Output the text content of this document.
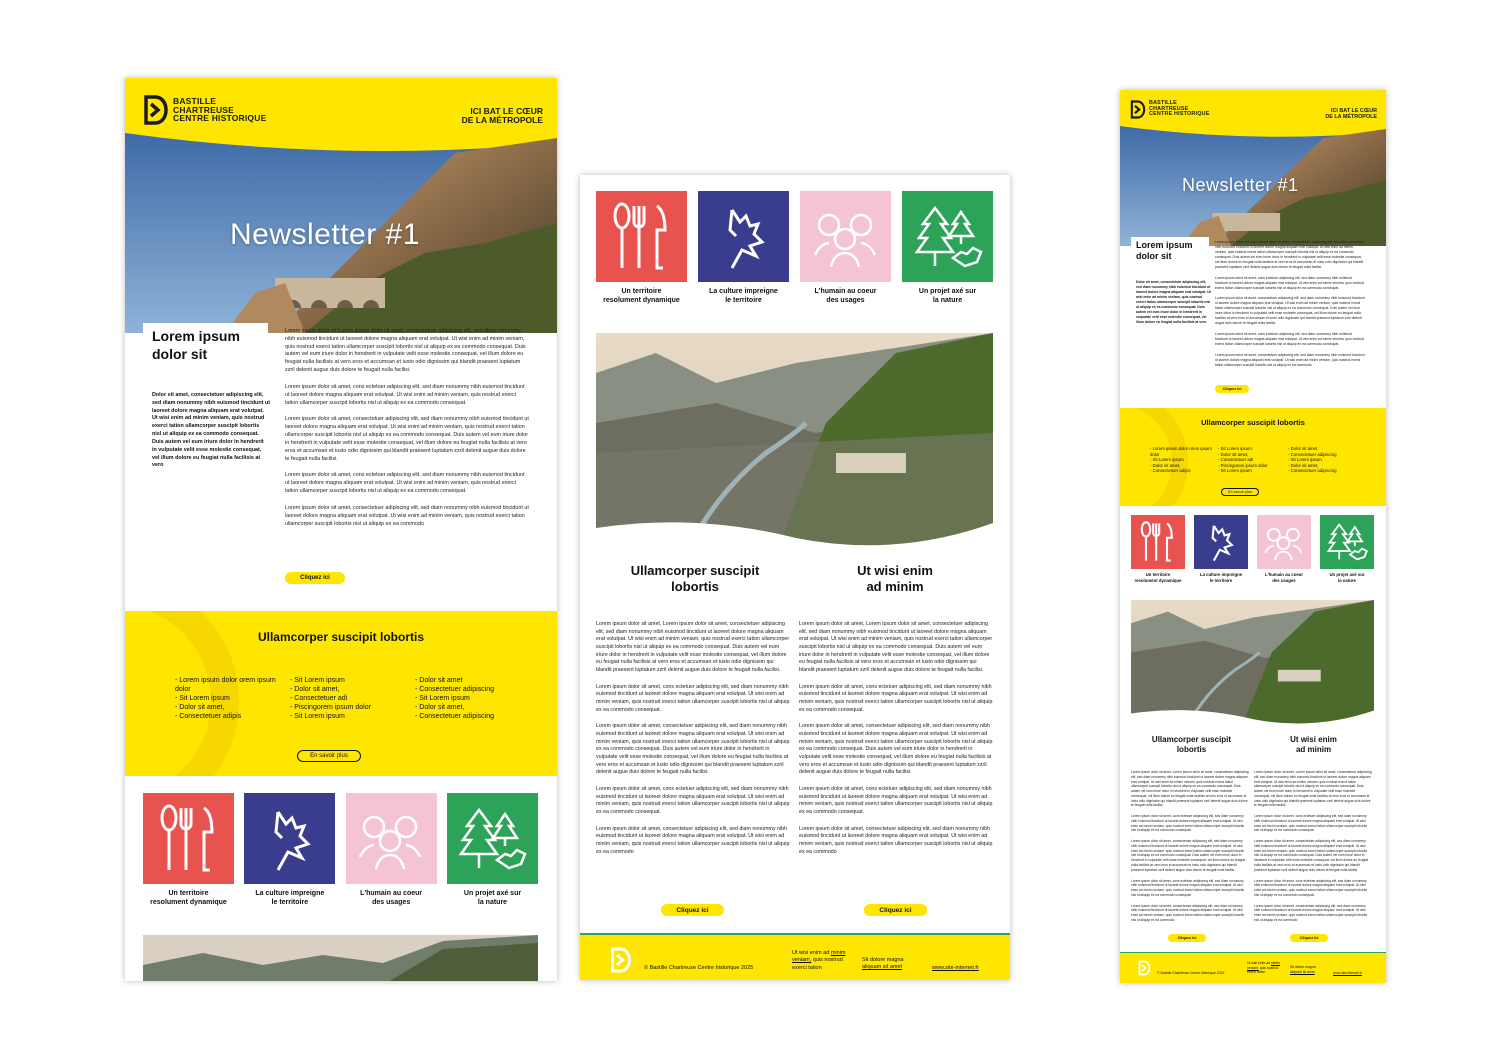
BASTILLE
CHARTREUSE
CENTRE HISTORIQUE
ICI BAT LE CŒUR
DE LA MÉTROPOLE
Newsletter #1
Lorem ipsum
dolor sit
Dolor sit amet, consectetuer adipiscing elit, sed diam nonummy nibh euismod tincidunt ut laoreet dolore magna aliquam erat volutpat. Ut wisi enim ad minim veniam, quis nostrud exerci tation ullamcorper suscipit lobortis nisl ut aliquip ex ea commodo consequat. Duis autem vel eum iriure dolor in hendrerit in vulputate velit esse molestie consequat, vel illum dolore eu feugiat nulla facilisis at vero

Lorem ipsum dolor sit Lorem ipsum dolor sit amet, consectetuer adipiscing elit, sed diam nonummy nibh euismod tincidunt ut laoreet dolore magna aliquam erat volutpat. Ut wisi enim ad minim veniam, quis nostrud exerci tation ullamcorper suscipit lobortis nisl ut aliquip ex ea commodo consequat. Duis autem vel eum iriure dolor in hendrerit in vulputate velit esse molestie consequat, vel illum dolore eu feugiat nulla facilisis at vero eros et accumsan et iusto odio dignissim qui blandit praesent luptatum zzril delenit augue duis dolore te feugait nulla facilisi.

Lorem ipsum dolor sit amet, cons ectetuer adipiscing elit, sed diam nonummy nibh euismod tincidunt ut laoreet dolore magna aliquam erat volutpat. Ut wisi enim ad minim veniam, quis nostrud exerci tation ullamcorper suscipit lobortis nisl ut aliquip ex ea commodo consequat.

Lorem ipsum dolor sit amet, consectetuer adipiscing elit, sed diam nonummy nibh euismod tincidunt ut laoreet dolore magna aliquam erat volutpat. Ut wisi enim ad minim veniam, quis nostrud exerci tation ullamcorper suscipit lobortis nisl ut aliquip ex ea commodo consequat. Duis autem vel eum iriure dolor in hendrerit in vulputate velit esse molestie consequat, vel illum dolore eu feugiat nulla facilisis at vero eros et accumsan et iusto odio dignissim qui blandit praesent luptatum zzril delenit augue duis dolore te feugait nulla facilisi.

Lorem ipsum dolor sit amet, cons ectetuer adipiscing elit, sed diam nonummy nibh euismod tincidunt ut laoreet dolore magna aliquam erat volutpat. Ut wisi enim ad minim veniam, quis nostrud exerci tation ullamcorper suscipit lobortis nisl ut aliquip ex ea commodo consequat.

Lorem ipsum dolor sit amet, consectetuer adipiscing elit, sed diam nonummy nibh euismod tincidunt ut laoreet dolore magna aliquam erat volutpat. Ut wisi enim ad minim veniam, quis nostrud exerci tation ullamcorper suscipit lobortis nisl ut aliquip ex ea commodo

Cliquez ici
Ullamcorper suscipit lobortis
- Lorem ipsum dolor orem ipsum dolor
- Sit Lorem ipsum
- Dolor sit amet,
- Consectetuer adipis
- Sit Lorem ipsum
- Dolor sit amet,
- Consectetuer adi
- Piscingorem ipsum dolor
- Sit Lorem ipsum
- Dolor sit amet
- Consectetuer adipiscing
- Sit Lorem ipsum
- Dolor sit amet,
- Consectetuer adipiscing
En savoir plus
Un territoire
resolument dynamique
La culture impreigne
le territoire
L'humain au coeur
des usages
Un projet axé sur
la nature
Un territoire
resolument dynamique
La culture impreigne
le territoire
L'humain au coeur
des usages
Un projet axé sur
la nature
Ullamcorper suscipit
lobortis
Ut wisi enim
ad minim

Lorem ipsum dolor sit amet, Lorem ipsum dolor sit amet, consectetuer adipiscing elit, sed diam nonummy nibh euismod tincidunt ut laoreet dolore magna aliquam erat volutpat. Ut wisi enim ad minim veniam, quis nostrud exerci tation ullamcorper suscipit lobortis nisl ut aliquip ex ea commodo consequat. Duis autem vel eum iriure dolor in hendrerit in vulputate velit esse molestie consequat, vel illum dolore eu feugiat nulla facilisis at vero eros et accumsan et iusto odio dignissim qui blandit praesent luptatum zzril delenit augue duis dolore te feugait nulla facilisi.

Lorem ipsum dolor sit amet, cons ectetuer adipiscing elit, sed diam nonummy nibh euismod tincidunt ut laoreet dolore magna aliquam erat volutpat. Ut wisi enim ad minim veniam, quis nostrud exerci tation ullamcorper suscipit lobortis nisl ut aliquip ex ea commodo consequat.

Lorem ipsum dolor sit amet, consectetuer adipiscing elit, sed diam nonummy nibh euismod tincidunt ut laoreet dolore magna aliquam erat volutpat. Ut wisi enim ad minim veniam, quis nostrud exerci tation ullamcorper suscipit lobortis nisl ut aliquip ex ea commodo consequat. Duis autem vel eum iriure dolor in hendrerit in vulputate velit esse molestie consequat, vel illum dolore eu feugiat nulla facilisis at vero eros et accumsan et iusto odio dignissim qui blandit praesent luptatum zzril delenit augue duis dolore te feugait nulla facilisi.

Lorem ipsum dolor sit amet, cons ectetuer adipiscing elit, sed diam nonummy nibh euismod tincidunt ut laoreet dolore magna aliquam erat volutpat. Ut wisi enim ad minim veniam, quis nostrud exerci tation ullamcorper suscipit lobortis nisl ut aliquip ex ea commodo consequat.

Lorem ipsum dolor sit amet, consectetuer adipiscing elit, sed diam nonummy nibh euismod tincidunt ut laoreet dolore magna aliquam erat volutpat. Ut wisi enim ad minim veniam, quis nostrud exerci tation ullamcorper suscipit lobortis nisl ut aliquip ex ea commodo

Lorem ipsum dolor sit amet, Lorem ipsum dolor sit amet, consectetuer adipiscing elit, sed diam nonummy nibh euismod tincidunt ut laoreet dolore magna aliquam erat volutpat. Ut wisi enim ad minim veniam, quis nostrud exerci tation ullamcorper suscipit lobortis nisl ut aliquip ex ea commodo consequat. Duis autem vel eum iriure dolor in hendrerit in vulputate velit esse molestie consequat, vel illum dolore eu feugiat nulla facilisis at vero eros et accumsan et iusto odio dignissim qui blandit praesent luptatum zzril delenit augue duis dolore te feugait nulla facilisi.

Lorem ipsum dolor sit amet, cons ectetuer adipiscing elit, sed diam nonummy nibh euismod tincidunt ut laoreet dolore magna aliquam erat volutpat. Ut wisi enim ad minim veniam, quis nostrud exerci tation ullamcorper suscipit lobortis nisl ut aliquip ex ea commodo consequat.

Lorem ipsum dolor sit amet, consectetuer adipiscing elit, sed diam nonummy nibh euismod tincidunt ut laoreet dolore magna aliquam erat volutpat. Ut wisi enim ad minim veniam, quis nostrud exerci tation ullamcorper suscipit lobortis nisl ut aliquip ex ea commodo consequat. Duis autem vel eum iriure dolor in hendrerit in vulputate velit esse molestie consequat, vel illum dolore eu feugiat nulla facilisis at vero eros et accumsan et iusto odio dignissim qui blandit praesent luptatum zzril delenit augue duis dolore te feugait nulla facilisi.

Lorem ipsum dolor sit amet, cons ectetuer adipiscing elit, sed diam nonummy nibh euismod tincidunt ut laoreet dolore magna aliquam erat volutpat. Ut wisi enim ad minim veniam, quis nostrud exerci tation ullamcorper suscipit lobortis nisl ut aliquip ex ea commodo consequat.

Lorem ipsum dolor sit amet, consectetuer adipiscing elit, sed diam nonummy nibh euismod tincidunt ut laoreet dolore magna aliquam erat volutpat. Ut wisi enim ad minim veniam, quis nostrud exerci tation ullamcorper suscipit lobortis nisl ut aliquip ex ea commodo

Cliquez ici	Cliquez ici
© Bastille Chartreuse Centre historique 2025
Ut wisi enim ad minim
veniam, quis nostrud
exerci tation
Sit dolore magna
aliquam sit amet	www.site-internet.fr
BASTILLE
CHARTREUSE
CENTRE HISTORIQUE
ICI BAT LE CŒUR
DE LA MÉTROPOLE
Newsletter #1
Lorem ipsum
dolor sit
Dolor sit amet, consectetuer adipiscing elit, sed diam nonummy nibh euismod tincidunt ut laoreet dolore magna aliquam erat volutpat. Ut wisi enim ad minim veniam, quis nostrud exerci tation ullamcorper suscipit lobortis nisl ut aliquip ex ea commodo consequat. Duis autem vel eum iriure dolor in hendrerit in vulputate velit esse molestie consequat, vel illum dolore eu feugiat nulla facilisis at vero

Lorem ipsum dolor sit Lorem ipsum dolor sit amet, consectetuer adipiscing elit, sed diam nonummy nibh euismod tincidunt ut laoreet dolore magna aliquam erat volutpat. Ut wisi enim ad minim veniam, quis nostrud exerci tation ullamcorper suscipit lobortis nisl ut aliquip ex ea commodo consequat. Duis autem vel eum iriure dolor in hendrerit in vulputate velit esse molestie consequat, vel illum dolore eu feugiat nulla facilisis at vero eros et accumsan et iusto odio dignissim qui blandit praesent luptatum zzril delenit augue duis dolore te feugait nulla facilisi.

Lorem ipsum dolor sit amet, cons ectetuer adipiscing elit, sed diam nonummy nibh euismod tincidunt ut laoreet dolore magna aliquam erat volutpat. Ut wisi enim ad minim veniam, quis nostrud exerci tation ullamcorper suscipit lobortis nisl ut aliquip ex ea commodo consequat.

Lorem ipsum dolor sit amet, consectetuer adipiscing elit, sed diam nonummy nibh euismod tincidunt ut laoreet dolore magna aliquam erat volutpat. Ut wisi enim ad minim veniam, quis nostrud exerci tation ullamcorper suscipit lobortis nisl ut aliquip ex ea commodo consequat. Duis autem vel eum iriure dolor in hendrerit in vulputate velit esse molestie consequat, vel illum dolore eu feugiat nulla facilisis at vero eros et accumsan et iusto odio dignissim qui blandit praesent luptatum zzril delenit augue duis dolore te feugait nulla facilisi.

Lorem ipsum dolor sit amet, cons ectetuer adipiscing elit, sed diam nonummy nibh euismod tincidunt ut laoreet dolore magna aliquam erat volutpat. Ut wisi enim ad minim veniam, quis nostrud exerci tation ullamcorper suscipit lobortis nisl ut aliquip ex ea commodo consequat.

Lorem ipsum dolor sit amet, consectetuer adipiscing elit, sed diam nonummy nibh euismod tincidunt ut laoreet dolore magna aliquam erat volutpat. Ut wisi enim ad minim veniam, quis nostrud exerci tation ullamcorper suscipit lobortis nisl ut aliquip ex ea commodo

Cliquez ici
Ullamcorper suscipit lobortis
- Lorem ipsum dolor orem ipsum dolor
- Sit Lorem ipsum
- Dolor sit amet,
- Consectetuer adipis
- Sit Lorem ipsum
- Dolor sit amet,
- Consectetuer adi
- Piscingorem ipsum dolor
- Sit Lorem ipsum
- Dolor sit amet
- Consectetuer adipiscing
- Sit Lorem ipsum
- Dolor sit amet,
- Consectetuer adipiscing
En savoir plus
Un territoire
resolument dynamique
La culture impreigne
le territoire
L'humain au coeur
des usages
Un projet axé sur
la nature
Ullamcorper suscipit
lobortis
Ut wisi enim
ad minim

Lorem ipsum dolor sit amet, Lorem ipsum dolor sit amet, consectetuer adipiscing elit, sed diam nonummy nibh euismod tincidunt ut laoreet dolore magna aliquam erat volutpat. Ut wisi enim ad minim veniam, quis nostrud exerci tation ullamcorper suscipit lobortis nisl ut aliquip ex ea commodo consequat. Duis autem vel eum iriure dolor in hendrerit in vulputate velit esse molestie consequat, vel illum dolore eu feugiat nulla facilisis at vero eros et accumsan et iusto odio dignissim qui blandit praesent luptatum zzril delenit augue duis dolore te feugait nulla facilisi.

Lorem ipsum dolor sit amet, cons ectetuer adipiscing elit, sed diam nonummy nibh euismod tincidunt ut laoreet dolore magna aliquam erat volutpat. Ut wisi enim ad minim veniam, quis nostrud exerci tation ullamcorper suscipit lobortis nisl ut aliquip ex ea commodo consequat.

Lorem ipsum dolor sit amet, consectetuer adipiscing elit, sed diam nonummy nibh euismod tincidunt ut laoreet dolore magna aliquam erat volutpat. Ut wisi enim ad minim veniam, quis nostrud exerci tation ullamcorper suscipit lobortis nisl ut aliquip ex ea commodo consequat. Duis autem vel eum iriure dolor in hendrerit in vulputate velit esse molestie consequat, vel illum dolore eu feugiat nulla facilisis at vero eros et accumsan et iusto odio dignissim qui blandit praesent luptatum zzril delenit augue duis dolore te feugait nulla facilisi.

Lorem ipsum dolor sit amet, cons ectetuer adipiscing elit, sed diam nonummy nibh euismod tincidunt ut laoreet dolore magna aliquam erat volutpat. Ut wisi enim ad minim veniam, quis nostrud exerci tation ullamcorper suscipit lobortis nisl ut aliquip ex ea commodo consequat.

Lorem ipsum dolor sit amet, consectetuer adipiscing elit, sed diam nonummy nibh euismod tincidunt ut laoreet dolore magna aliquam erat volutpat. Ut wisi enim ad minim veniam, quis nostrud exerci tation ullamcorper suscipit lobortis nisl ut aliquip ex ea commodo

Lorem ipsum dolor sit amet, Lorem ipsum dolor sit amet, consectetuer adipiscing elit, sed diam nonummy nibh euismod tincidunt ut laoreet dolore magna aliquam erat volutpat. Ut wisi enim ad minim veniam, quis nostrud exerci tation ullamcorper suscipit lobortis nisl ut aliquip ex ea commodo consequat. Duis autem vel eum iriure dolor in hendrerit in vulputate velit esse molestie consequat, vel illum dolore eu feugiat nulla facilisis at vero eros et accumsan et iusto odio dignissim qui blandit praesent luptatum zzril delenit augue duis dolore te feugait nulla facilisi.

Lorem ipsum dolor sit amet, cons ectetuer adipiscing elit, sed diam nonummy nibh euismod tincidunt ut laoreet dolore magna aliquam erat volutpat. Ut wisi enim ad minim veniam, quis nostrud exerci tation ullamcorper suscipit lobortis nisl ut aliquip ex ea commodo consequat.

Lorem ipsum dolor sit amet, consectetuer adipiscing elit, sed diam nonummy nibh euismod tincidunt ut laoreet dolore magna aliquam erat volutpat. Ut wisi enim ad minim veniam, quis nostrud exerci tation ullamcorper suscipit lobortis nisl ut aliquip ex ea commodo consequat. Duis autem vel eum iriure dolor in hendrerit in vulputate velit esse molestie consequat, vel illum dolore eu feugiat nulla facilisis at vero eros et accumsan et iusto odio dignissim qui blandit praesent luptatum zzril delenit augue duis dolore te feugait nulla facilisi.

Lorem ipsum dolor sit amet, cons ectetuer adipiscing elit, sed diam nonummy nibh euismod tincidunt ut laoreet dolore magna aliquam erat volutpat. Ut wisi enim ad minim veniam, quis nostrud exerci tation ullamcorper suscipit lobortis nisl ut aliquip ex ea commodo consequat.

Lorem ipsum dolor sit amet, consectetuer adipiscing elit, sed diam nonummy nibh euismod tincidunt ut laoreet dolore magna aliquam erat volutpat. Ut wisi enim ad minim veniam, quis nostrud exerci tation ullamcorper suscipit lobortis nisl ut aliquip ex ea commodo

Cliquez ici	Cliquez ici
© Bastille Chartreuse Centre historique 2025
Ut wisi enim ad minim
veniam, quis nostrud
exerci tation
Sit dolore magna
aliquam sit amet	www.site-internet.fr
